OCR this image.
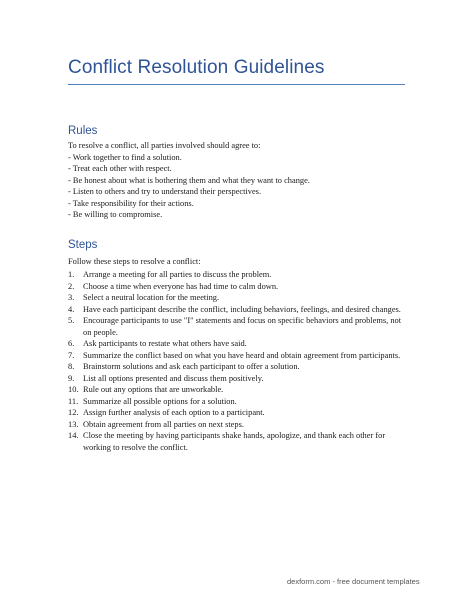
Conflict Resolution Guidelines
Rules
To resolve a conflict, all parties involved should agree to:
- Work together to find a solution.
- Treat each other with respect.
- Be honest about what is bothering them and what they want to change.
- Listen to others and try to understand their perspectives.
- Take responsibility for their actions.
- Be willing to compromise.
Steps
Follow these steps to resolve a conflict:
1.	Arrange a meeting for all parties to discuss the problem.
2.	Choose a time when everyone has had time to calm down.
3.	Select a neutral location for the meeting.
4.	Have each participant describe the conflict, including behaviors, feelings, and desired changes.
5.	Encourage participants to use "I" statements and focus on specific behaviors and problems, not on people.
6.	Ask participants to restate what others have said.
7.	Summarize the conflict based on what you have heard and obtain agreement from participants.
8.	Brainstorm solutions and ask each participant to offer a solution.
9.	List all options presented and discuss them positively.
10. Rule out any options that are unworkable.
11. Summarize all possible options for a solution.
12. Assign further analysis of each option to a participant.
13. Obtain agreement from all parties on next steps.
14. Close the meeting by having participants shake hands, apologize, and thank each other for working to resolve the conflict.
dexform.com - free document templates
